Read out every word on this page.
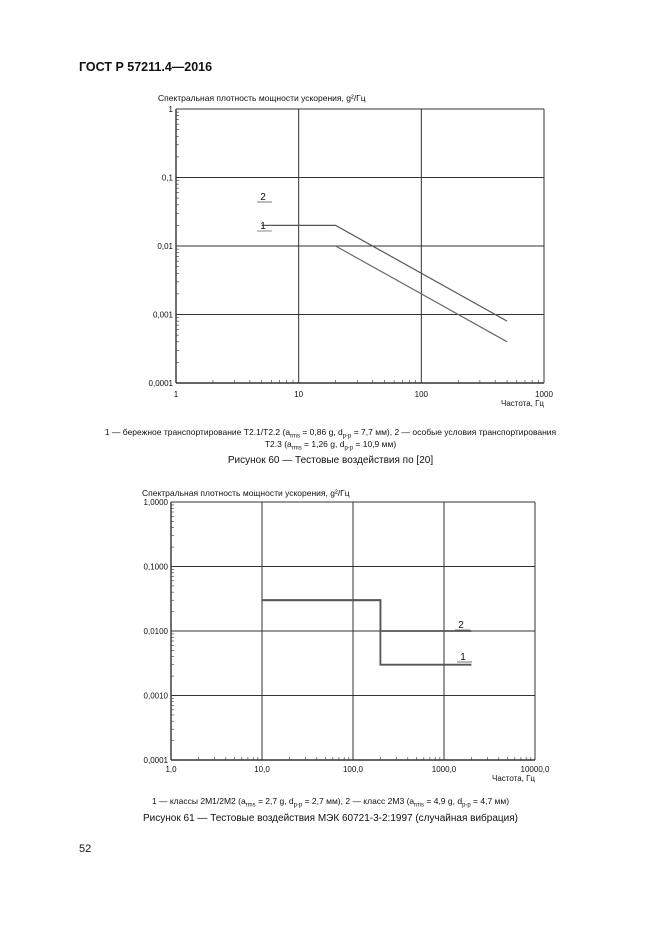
ГОСТ Р 57211.4—2016
1	10	100	1000
0,0001
0,001
0,01
0,1
1
1
2
Спектральная плотность мощности ускорения, g²/Гц
Частота, Гц
1 — бережное транспортирование T2.1/T2.2 ($a_{rms} = 0,86$ g, $d_{p-p} = 7,7$ мм), 2 — особые условия транспортирования
T2.3 ($a_{rms} = 1,26$ g, $d_{p-p} = 10,9$ мм)
Рисунок 60 — Тестовые воздействия по [20]
1,0	10,0	100,0	1000,0	10000,0
0,0001
0,0010
0,0100
0,1000
1,0000
1
2
Спектральная плотность мощности ускорения, g²/Гц
Частота, Гц
1 — классы 2M1/2M2 ($a_{rms} = 2,7$ g, $d_{p-p} = 2,7$ мм), 2 — класс 2M3 ($a_{rms} = 4,9$ g, $d_{p-p} = 4,7$ мм)
Рисунок 61 — Тестовые воздействия МЭК 60721-3-2:1997 (случайная вибрация)
52
